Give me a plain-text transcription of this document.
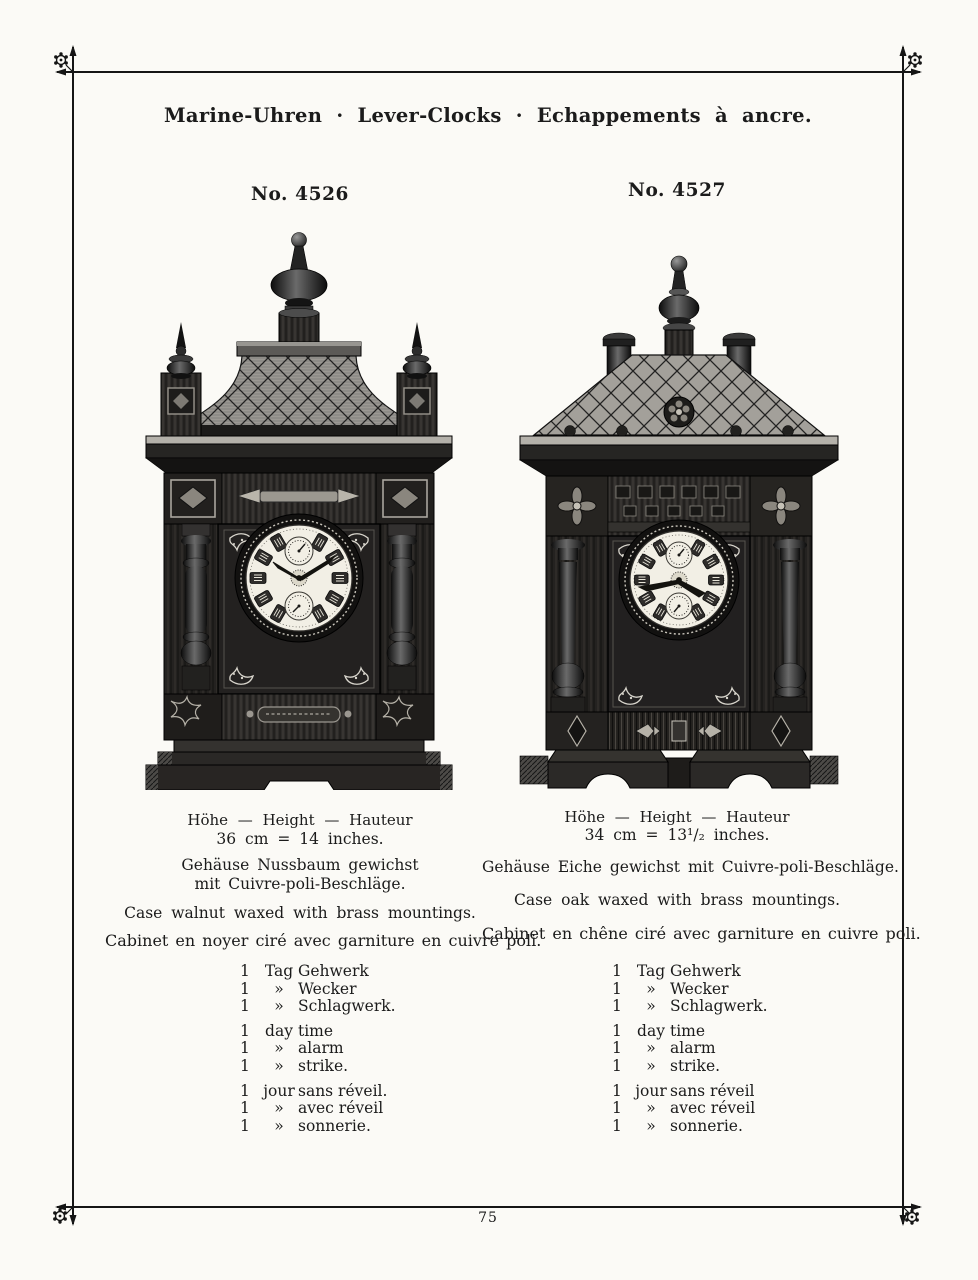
Marine-Uhren · Lever-Clocks · Echappements à ancre.
No. 4526
Höhe — Height — Hauteur
36 cm = 14 inches.
Gehäuse Nussbaum gewichst
mit Cuivre-poli-Beschläge.
Case walnut waxed with brass mountings.
Cabinet en noyer ciré avec garniture en cuivre poli.
1 Tag Gehwerk
1	» Wecker
1	» Schlagwerk.
1 day time
1	» alarm
1	» strike.
1 jour sans réveil.
1	» avec réveil
1	» sonnerie.
No. 4527
Höhe — Height — Hauteur
34 cm = 13¹/₂ inches.
Gehäuse Eiche gewichst mit Cuivre-poli-Beschläge.
Case oak waxed with brass mountings.
Cabinet en chêne ciré avec garniture en cuivre poli.
1 Tag Gehwerk
1	» Wecker
1	» Schlagwerk.
1 day time
1	» alarm
1	» strike.
1 jour sans réveil
1	» avec réveil
1	» sonnerie.
75
